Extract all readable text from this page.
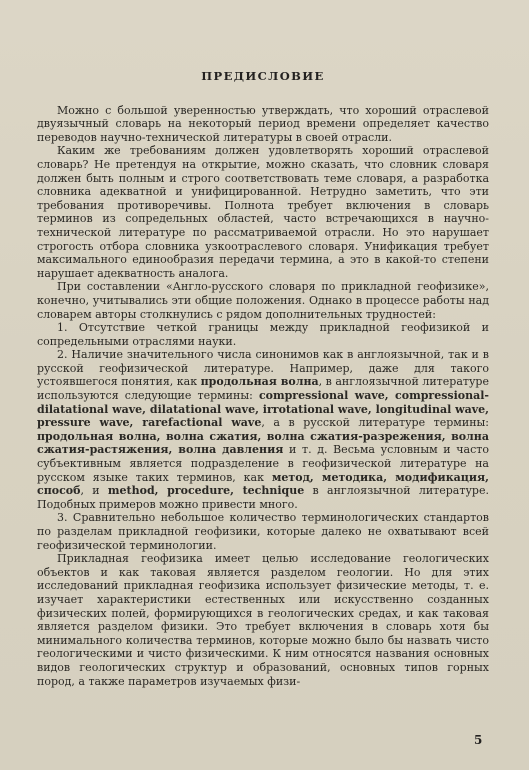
ПРЕДИСЛОВИЕ

Можно с большой уверенностью утверждать, что хороший отраслевой двуязычный словарь на некоторый период времени определяет качество переводов научно-технической литературы в своей отрасли.

Каким же требованиям должен удовлетворять хороший отраслевой словарь? Не претендуя на открытие, можно сказать, что словник словаря должен быть полным и строго соответствовать теме словаря, а разработка словника адекватной и унифицированной. Нетрудно заметить, что эти требования противоречивы. Полнота требует включения в словарь терминов из сопредельных областей, часто встречающихся в научно-технической литературе по рассматриваемой отрасли. Но это нарушает строгость отбора словника узкоотраслевого словаря. Унификация требует максимального единообразия передачи термина, а это в какой-то степени нарушает адекватность аналога.

При составлении «Англо-русского словаря по прикладной геофизике», конечно, учитывались эти общие положения. Однако в процессе работы над словарем авторы столкнулись с рядом дополнительных трудностей:

1. Отсутствие четкой границы между прикладной геофизикой и сопредельными отраслями науки.

2. Наличие значительного числа синонимов как в англоязычной, так и в русской геофизической литературе. Например, даже для такого устоявшегося понятия, как продольная волна, в англоязычной литературе используются следующие термины: compressional wave, compressional-dilatational wave, dilatational wave, irrotational wave, longitudinal wave, pressure wave, rarefactional wave, а в русской литературе термины: продольная волна, волна сжатия, волна сжатия-разрежения, волна сжатия-растяжения, волна давления и т. д. Весьма условным и часто субъективным является подразделение в геофизической литературе на русском языке таких терминов, как метод, методика, модификация, способ, и method, procedure, technique в англоязычной литературе. Подобных примеров можно привести много.

3. Сравнительно небольшое количество терминологических стандартов по разделам прикладной геофизики, которые далеко не охватывают всей геофизической терминологии.

Прикладная геофизика имеет целью исследование геологических объектов и как таковая является разделом геологии. Но для этих исследований прикладная геофизика использует физические методы, т. е. изучает характеристики естественных или искусственно созданных физических полей, формирующихся в геологических средах, и как таковая является разделом физики. Это требует включения в словарь хотя бы минимального количества терминов, которые можно было бы назвать чисто геологическими и чисто физическими. К ним относятся названия основных видов геологических структур и образований, основных типов горных пород, а также параметров изучаемых физи-

5
